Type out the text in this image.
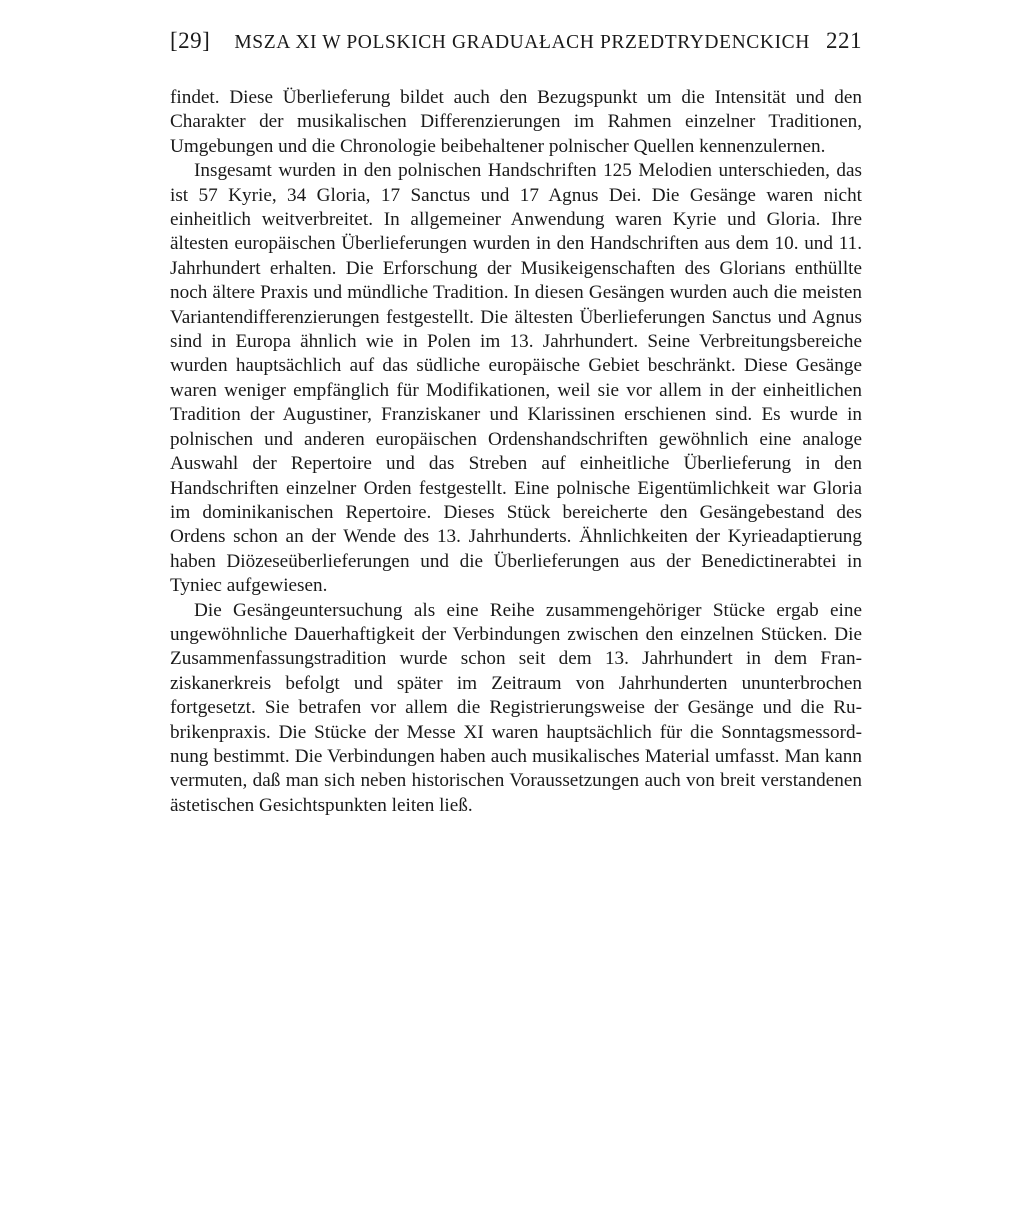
[29]	MSZA XI W POLSKICH GRADUAŁACH PRZEDTRYDENCKICH 221

findet. Diese Überlieferung bildet auch den Bezugspunkt um die Intensität und den Charakter der musikalischen Differenzierungen im Rahmen einzelner Traditionen, Umgebungen und die Chronologie beibehaltener polnischer Quellen kennenzulernen.

Insgesamt wurden in den polnischen Handschriften 125 Melodien unterschieden, das ist 57 Kyrie, 34 Gloria, 17 Sanctus und 17 Agnus Dei. Die Gesänge waren nicht einheitlich weitverbreitet. In allgemeiner Anwendung waren Kyrie und Gloria. Ihre ältesten europäischen Überlieferungen wurden in den Handschriften aus dem 10. und 11. Jahrhundert erhalten. Die Erforschung der Musikeigenschaften des Glorians enthüllte noch ältere Praxis und mündliche Tradition. In diesen Gesängen wurden auch die meisten Variantendifferenzierungen festgestellt. Die ältesten Überlieferungen Sanctus und Agnus sind in Europa ähnlich wie in Polen im 13. Jahrhundert. Seine Verbreitungsbereiche wurden hauptsächlich auf das südliche europäische Gebiet beschränkt. Diese Gesänge waren weniger empfänglich für Modifikationen, weil sie vor allem in der einheitlichen Tradition der Augustiner, Franziskaner und Klarissinen erschienen sind. Es wurde in polnischen und anderen europäischen Ordenshandschriften gewöhnlich eine analoge Auswahl der Repertoire und das Streben auf einheitliche Überlieferung in den Handschriften einzelner Orden festgestellt. Eine polnische Eigentümlichkeit war Gloria im dominikanischen Repertoire. Dieses Stück bereicherte den Gesängebestand des Ordens schon an der Wende des 13. Jahrhunderts. Ähnlichkeiten der Kyrieadaptierung haben Diözeseüberlieferungen und die Überlieferungen aus der Benedictinerabtei in Tyniec aufgewiesen.

Die Gesängeuntersuchung als eine Reihe zusammengehöriger Stücke ergab eine ungewöhnliche Dauerhaftigkeit der Verbindungen zwischen den einzelnen Stücken. Die Zusammenfassungstradition wurde schon seit dem 13. Jahrhundert in dem Franziskanerkreis befolgt und später im Zeitraum von Jahrhunderten ununterbrochen fortgesetzt. Sie betrafen vor allem die Registrierungsweise der Gesänge und die Rubrikenpraxis. Die Stücke der Messe XI waren hauptsächlich für die Sonntagsmessordnung bestimmt. Die Verbindungen haben auch musikalisches Material umfasst. Man kann vermuten, daß man sich neben historischen Voraussetzungen auch von breit verstandenen ästetischen Gesichtspunkten leiten ließ.
